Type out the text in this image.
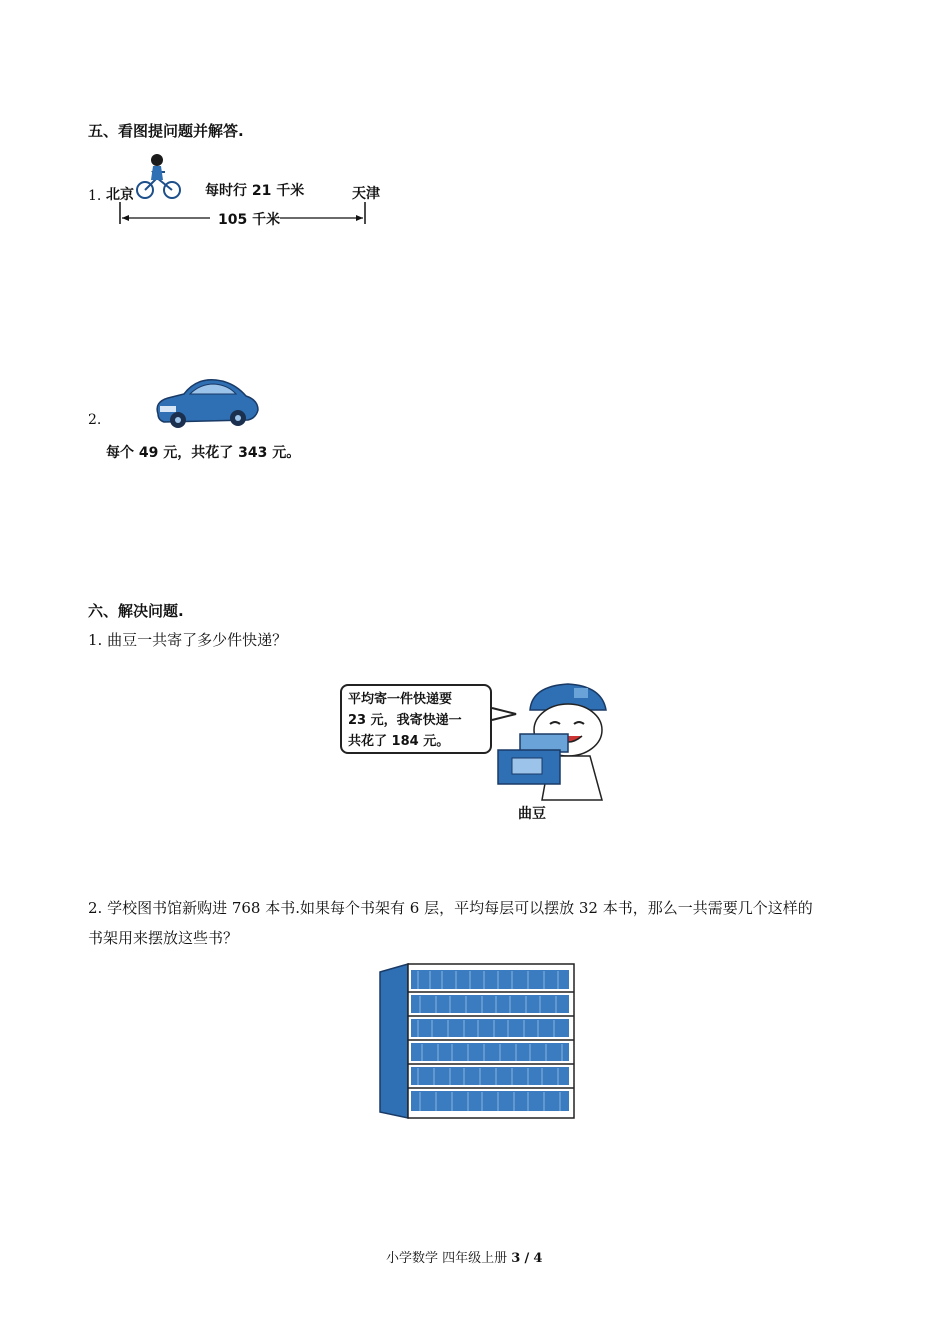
五、看图提问题并解答.
1. 北京	每时行 21 千米	天津
105 千米
2.
每个 49 元，共花了 343 元。
六、解决问题.
1. 曲豆一共寄了多少件快递？
平均寄一件快递要
23 元，我寄快递一
共花了 184 元。
曲豆
2. 学校图书馆新购进 768 本书.如果每个书架有 6 层，平均每层可以摆放 32 本书，那么一共需要几个这样的
书架用来摆放这些书？
小学数学 四年级上册 3 / 4
